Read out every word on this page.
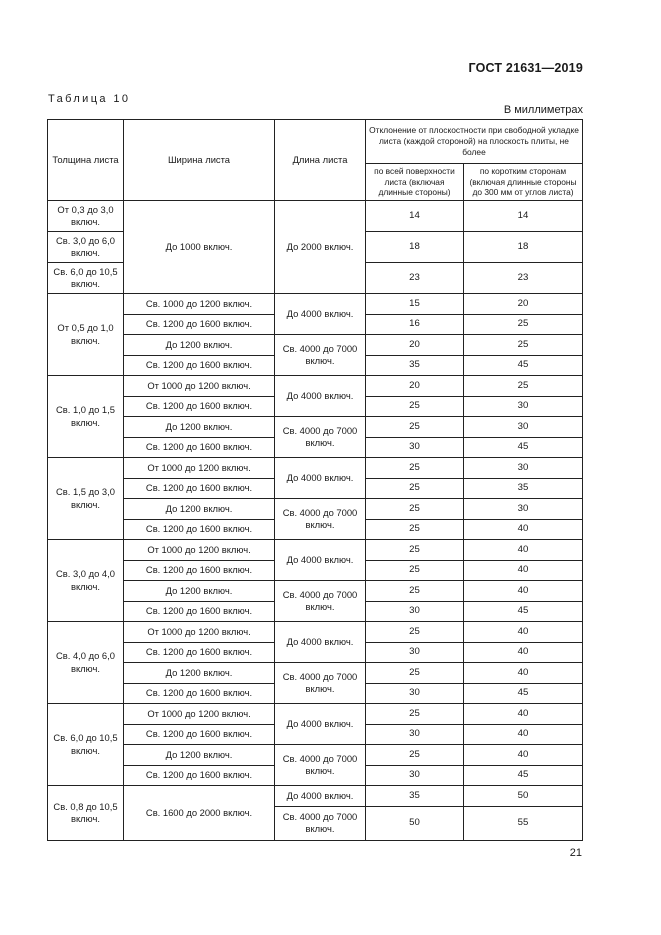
ГОСТ 21631—2019
Таблица 10
В миллиметрах
Толщина листа	Ширина листа	Длина листа	Отклонение от плоскостности при свободной укладке листа (каждой стороной) на плоскость плиты, не более	
			по всей поверхности листа (включая длинные стороны)	по коротким сторонам (включая длинные стороны до 300 мм от углов листа)
От 0,3 до 3,0 включ.	До 1000 включ.	До 2000 включ.	14	14
Св. 3,0 до 6,0 включ.			18	18
Св. 6,0 до 10,5 включ.			23	23
От 0,5 до 1,0 включ.	Св. 1000 до 1200 включ.	До 4000 включ.	15	20
	Св. 1200 до 1600 включ.		16	25
	До 1200 включ.	Св. 4000 до 7000 включ.	20	25
	Св. 1200 до 1600 включ.		35	45
Св. 1,0 до 1,5 включ.	От 1000 до 1200 включ.	До 4000 включ.	20	25
	Св. 1200 до 1600 включ.		25	30
	До 1200 включ.	Св. 4000 до 7000 включ.	25	30
	Св. 1200 до 1600 включ.		30	45
Св. 1,5 до 3,0 включ.	От 1000 до 1200 включ.	До 4000 включ.	25	30
	Св. 1200 до 1600 включ.		25	35
	До 1200 включ.	Св. 4000 до 7000 включ.	25	30
	Св. 1200 до 1600 включ.		25	40
Св. 3,0 до 4,0 включ.	От 1000 до 1200 включ.	До 4000 включ.	25	40
	Св. 1200 до 1600 включ.		25	40
	До 1200 включ.	Св. 4000 до 7000 включ.	25	40
	Св. 1200 до 1600 включ.		30	45
Св. 4,0 до 6,0 включ.	От 1000 до 1200 включ.	До 4000 включ.	25	40
	Св. 1200 до 1600 включ.		30	40
	До 1200 включ.	Св. 4000 до 7000 включ.	25	40
	Св. 1200 до 1600 включ.		30	45
Св. 6,0 до 10,5 включ.	От 1000 до 1200 включ.	До 4000 включ.	25	40
	Св. 1200 до 1600 включ.		30	40
	До 1200 включ.	Св. 4000 до 7000 включ.	25	40
	Св. 1200 до 1600 включ.		30	45
Св. 0,8 до 10,5 включ.	Св. 1600 до 2000 включ.	До 4000 включ.	35	50
		Св. 4000 до 7000 включ.	50	55
21
